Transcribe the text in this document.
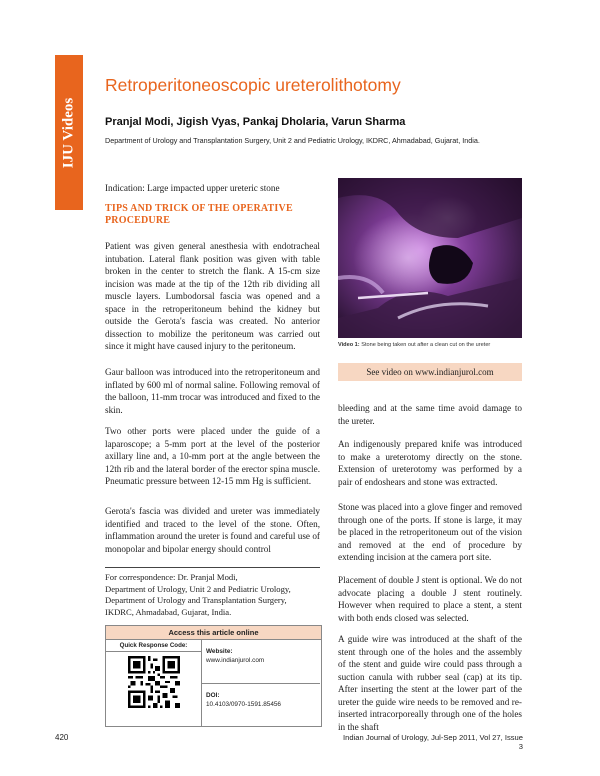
IJU Videos
Retroperitoneoscopic ureterolithotomy
Pranjal Modi, Jigish Vyas, Pankaj Dholaria, Varun Sharma
Department of Urology and Transplantation Surgery, Unit 2 and Pediatric Urology, IKDRC, Ahmadabad, Gujarat, India.
Indication: Large impacted upper ureteric stone
TIPS AND TRICK OF THE OPERATIVE PROCEDURE
Patient was given general anesthesia with endotracheal intubation. Lateral flank position was given with table broken in the center to stretch the flank. A 15-cm size incision was made at the tip of the 12th rib dividing all muscle layers. Lumbodorsal fascia was opened and a space in the retroperitoneum behind the kidney but outside the Gerota's fascia was created. No anterior dissection to mobilize the peritoneum was carried out since it might have caused injury to the peritoneum.
Gaur balloon was introduced into the retroperitoneum and inflated by 600 ml of normal saline. Following removal of the balloon, 11-mm trocar was introduced and fixed to the skin.
Two other ports were placed under the guide of a laparoscope; a 5-mm port at the level of the posterior axillary line and, a 10-mm port at the angle between the 12th rib and the lateral border of the erector spina muscle. Pneumatic pressure between 12-15 mm Hg is sufficient.
Gerota's fascia was divided and ureter was immediately identified and traced to the level of the stone. Often, inflammation around the ureter is found and careful use of monopolar and bipolar energy should control
For correspondence: Dr. Pranjal Modi,
Department of Urology, Unit 2 and Pediatric Urology,
Department of Urology and Transplantation Surgery,
IKDRC, Ahmadabad, Gujarat, India.
Access this article online
Quick Response Code:
Website:
www.indianjurol.com
DOI:
10.4103/0970-1591.85456
Video 1: Stone being taken out after a clean cut on the ureter
See video on www.indianjurol.com
bleeding and at the same time avoid damage to the ureter.
An indigenously prepared knife was introduced to make a ureterotomy directly on the stone. Extension of ureterotomy was performed by a pair of endoshears and stone was extracted.
Stone was placed into a glove finger and removed through one of the ports. If stone is large, it may be placed in the retroperitoneum out of the vision and removed at the end of procedure by extending incision at the camera port site.
Placement of double J stent is optional. We do not advocate placing a double J stent routinely. However when required to place a stent, a stent with both ends closed was selected.
A guide wire was introduced at the shaft of the stent through one of the holes and the assembly of the stent and guide wire could pass through a suction canula with rubber seal (cap) at its tip. After inserting the stent at the lower part of the ureter the guide wire needs to be removed and re-inserted intracorporeally through one of the holes in the shaft
420	Indian Journal of Urology, Jul-Sep 2011, Vol 27, Issue 3
